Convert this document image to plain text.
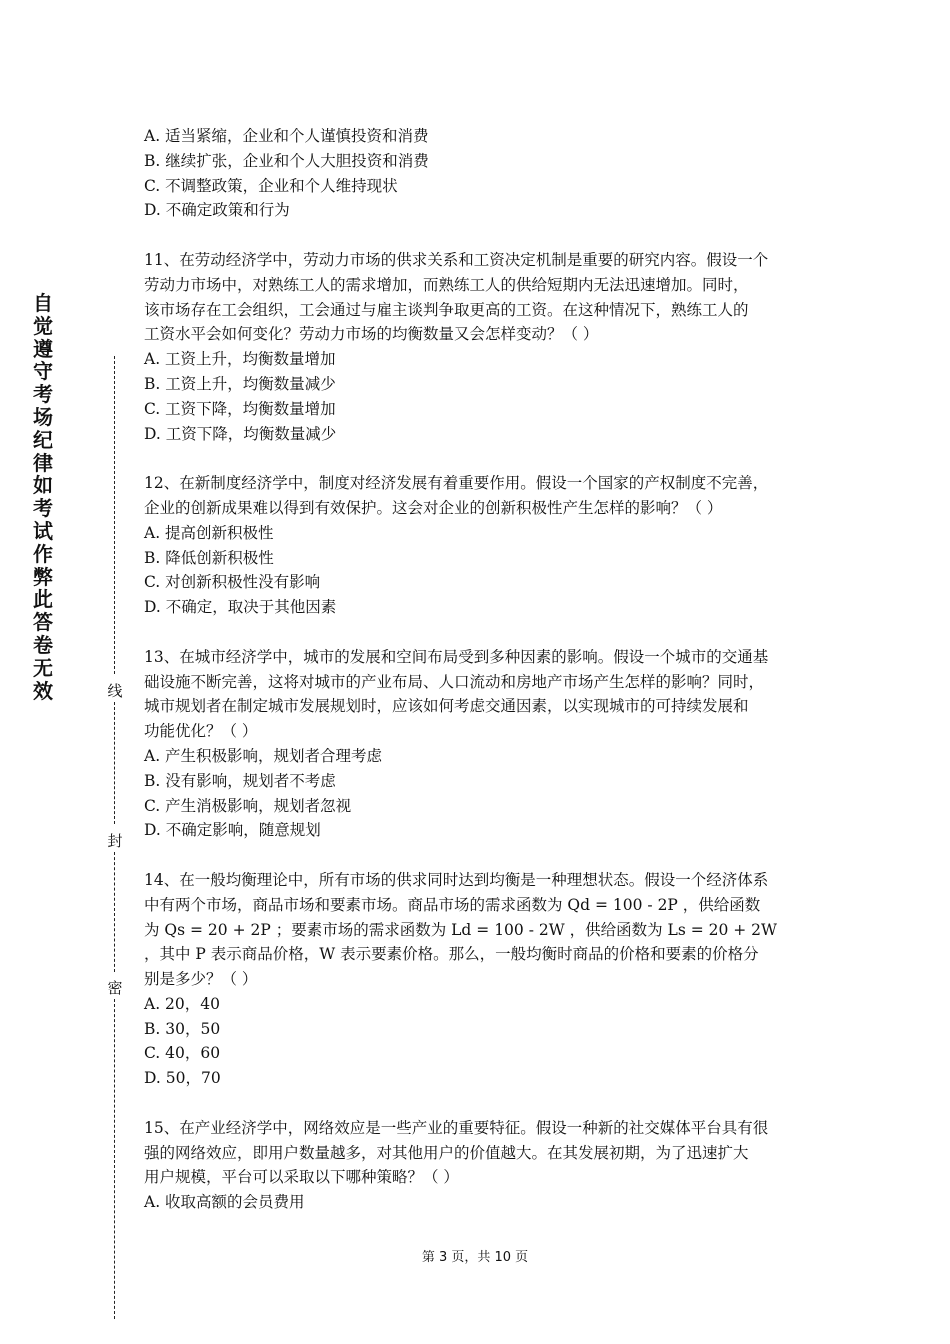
自
觉
遵
守
考
场
纪
律
如
考
试
作
弊
此
答
卷
无
效	线
封
密
A. 适当紧缩，企业和个人谨慎投资和消费
B. 继续扩张，企业和个人大胆投资和消费
C. 不调整政策，企业和个人维持现状
D. 不确定政策和行为
11、在劳动经济学中，劳动力市场的供求关系和工资决定机制是重要的研究内容。假设一个
劳动力市场中，对熟练工人的需求增加，而熟练工人的供给短期内无法迅速增加。同时，
该市场存在工会组织，工会通过与雇主谈判争取更高的工资。在这种情况下，熟练工人的
工资水平会如何变化？劳动力市场的均衡数量又会怎样变动？（ ）
A. 工资上升，均衡数量增加
B. 工资上升，均衡数量减少
C. 工资下降，均衡数量增加
D. 工资下降，均衡数量减少
12、在新制度经济学中，制度对经济发展有着重要作用。假设一个国家的产权制度不完善，
企业的创新成果难以得到有效保护。这会对企业的创新积极性产生怎样的影响？（ ）
A. 提高创新积极性
B. 降低创新积极性
C. 对创新积极性没有影响
D. 不确定，取决于其他因素
13、在城市经济学中，城市的发展和空间布局受到多种因素的影响。假设一个城市的交通基
础设施不断完善，这将对城市的产业布局、人口流动和房地产市场产生怎样的影响？同时，
城市规划者在制定城市发展规划时，应该如何考虑交通因素，以实现城市的可持续发展和
功能优化？（ ）
A. 产生积极影响，规划者合理考虑
B. 没有影响，规划者不考虑
C. 产生消极影响，规划者忽视
D. 不确定影响，随意规划
14、在一般均衡理论中，所有市场的供求同时达到均衡是一种理想状态。假设一个经济体系
中有两个市场，商品市场和要素市场。商品市场的需求函数为 Qd = 100 - 2P ，供给函数
为 Qs = 20 + 2P ；要素市场的需求函数为 Ld = 100 - 2W ，供给函数为 Ls = 20 + 2W
，其中 P 表示商品价格，W 表示要素价格。那么，一般均衡时商品的价格和要素的价格分
别是多少？（ ）
A. 20，40
B. 30，50
C. 40，60
D. 50，70
15、在产业经济学中，网络效应是一些产业的重要特征。假设一种新的社交媒体平台具有很
强的网络效应，即用户数量越多，对其他用户的价值越大。在其发展初期，为了迅速扩大
用户规模，平台可以采取以下哪种策略？（ ）
A. 收取高额的会员费用
第 3 页，共 10 页
